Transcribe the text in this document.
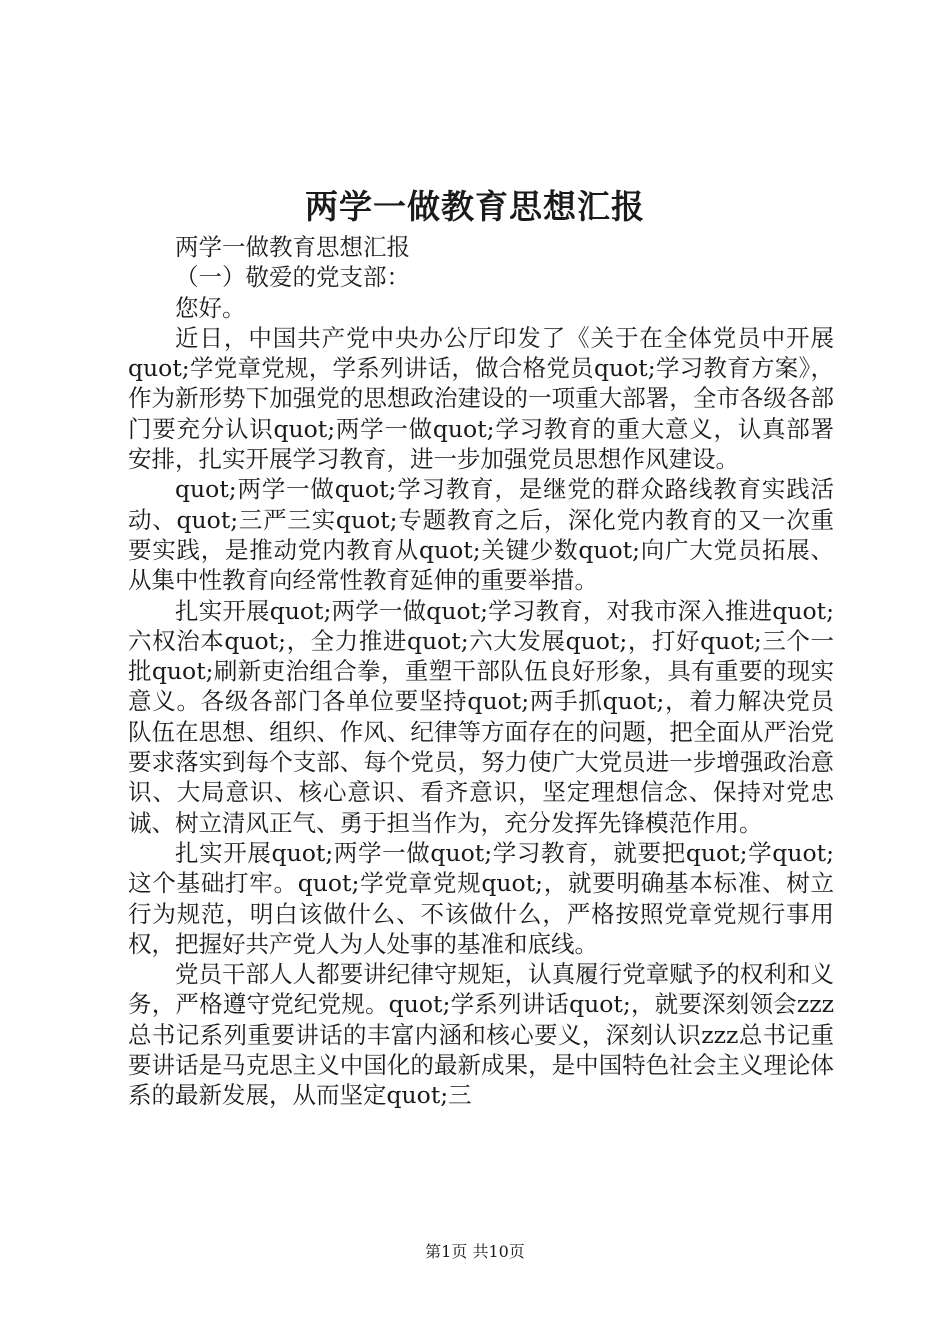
两学一做教育思想汇报

两学一做教育思想汇报

（一）敬爱的党支部：

您好。

近日，中国共产党中央办公厅印发了《关于在全体党员中开展quot;学党章党规，学系列讲话，做合格党员quot;学习教育方案》，作为新形势下加强党的思想政治建设的一项重大部署，全市各级各部门要充分认识quot;两学一做quot;学习教育的重大意义，认真部署安排，扎实开展学习教育，进一步加强党员思想作风建设。

quot;两学一做quot;学习教育，是继党的群众路线教育实践活动、quot;三严三实quot;专题教育之后，深化党内教育的又一次重要实践，是推动党内教育从quot;关键少数quot;向广大党员拓展、从集中性教育向经常性教育延伸的重要举措。

扎实开展quot;两学一做quot;学习教育，对我市深入推进quot;六权治本quot;，全力推进quot;六大发展quot;，打好quot;三个一批quot;刷新吏治组合拳，重塑干部队伍良好形象，具有重要的现实意义。各级各部门各单位要坚持quot;两手抓quot;，着力解决党员队伍在思想、组织、作风、纪律等方面存在的问题，把全面从严治党要求落实到每个支部、每个党员，努力使广大党员进一步增强政治意识、大局意识、核心意识、看齐意识，坚定理想信念、保持对党忠诚、树立清风正气、勇于担当作为，充分发挥先锋模范作用。

扎实开展quot;两学一做quot;学习教育，就要把quot;学quot;这个基础打牢。quot;学党章党规quot;，就要明确基本标准、树立行为规范，明白该做什么、不该做什么，严格按照党章党规行事用权，把握好共产党人为人处事的基准和底线。

党员干部人人都要讲纪律守规矩，认真履行党章赋予的权利和义务，严格遵守党纪党规。quot;学系列讲话quot;，就要深刻领会zzz总书记系列重要讲话的丰富内涵和核心要义，深刻认识zzz总书记重要讲话是马克思主义中国化的最新成果，是中国特色社会主义理论体系的最新发展，从而坚定quot;三

第1页 共10页
